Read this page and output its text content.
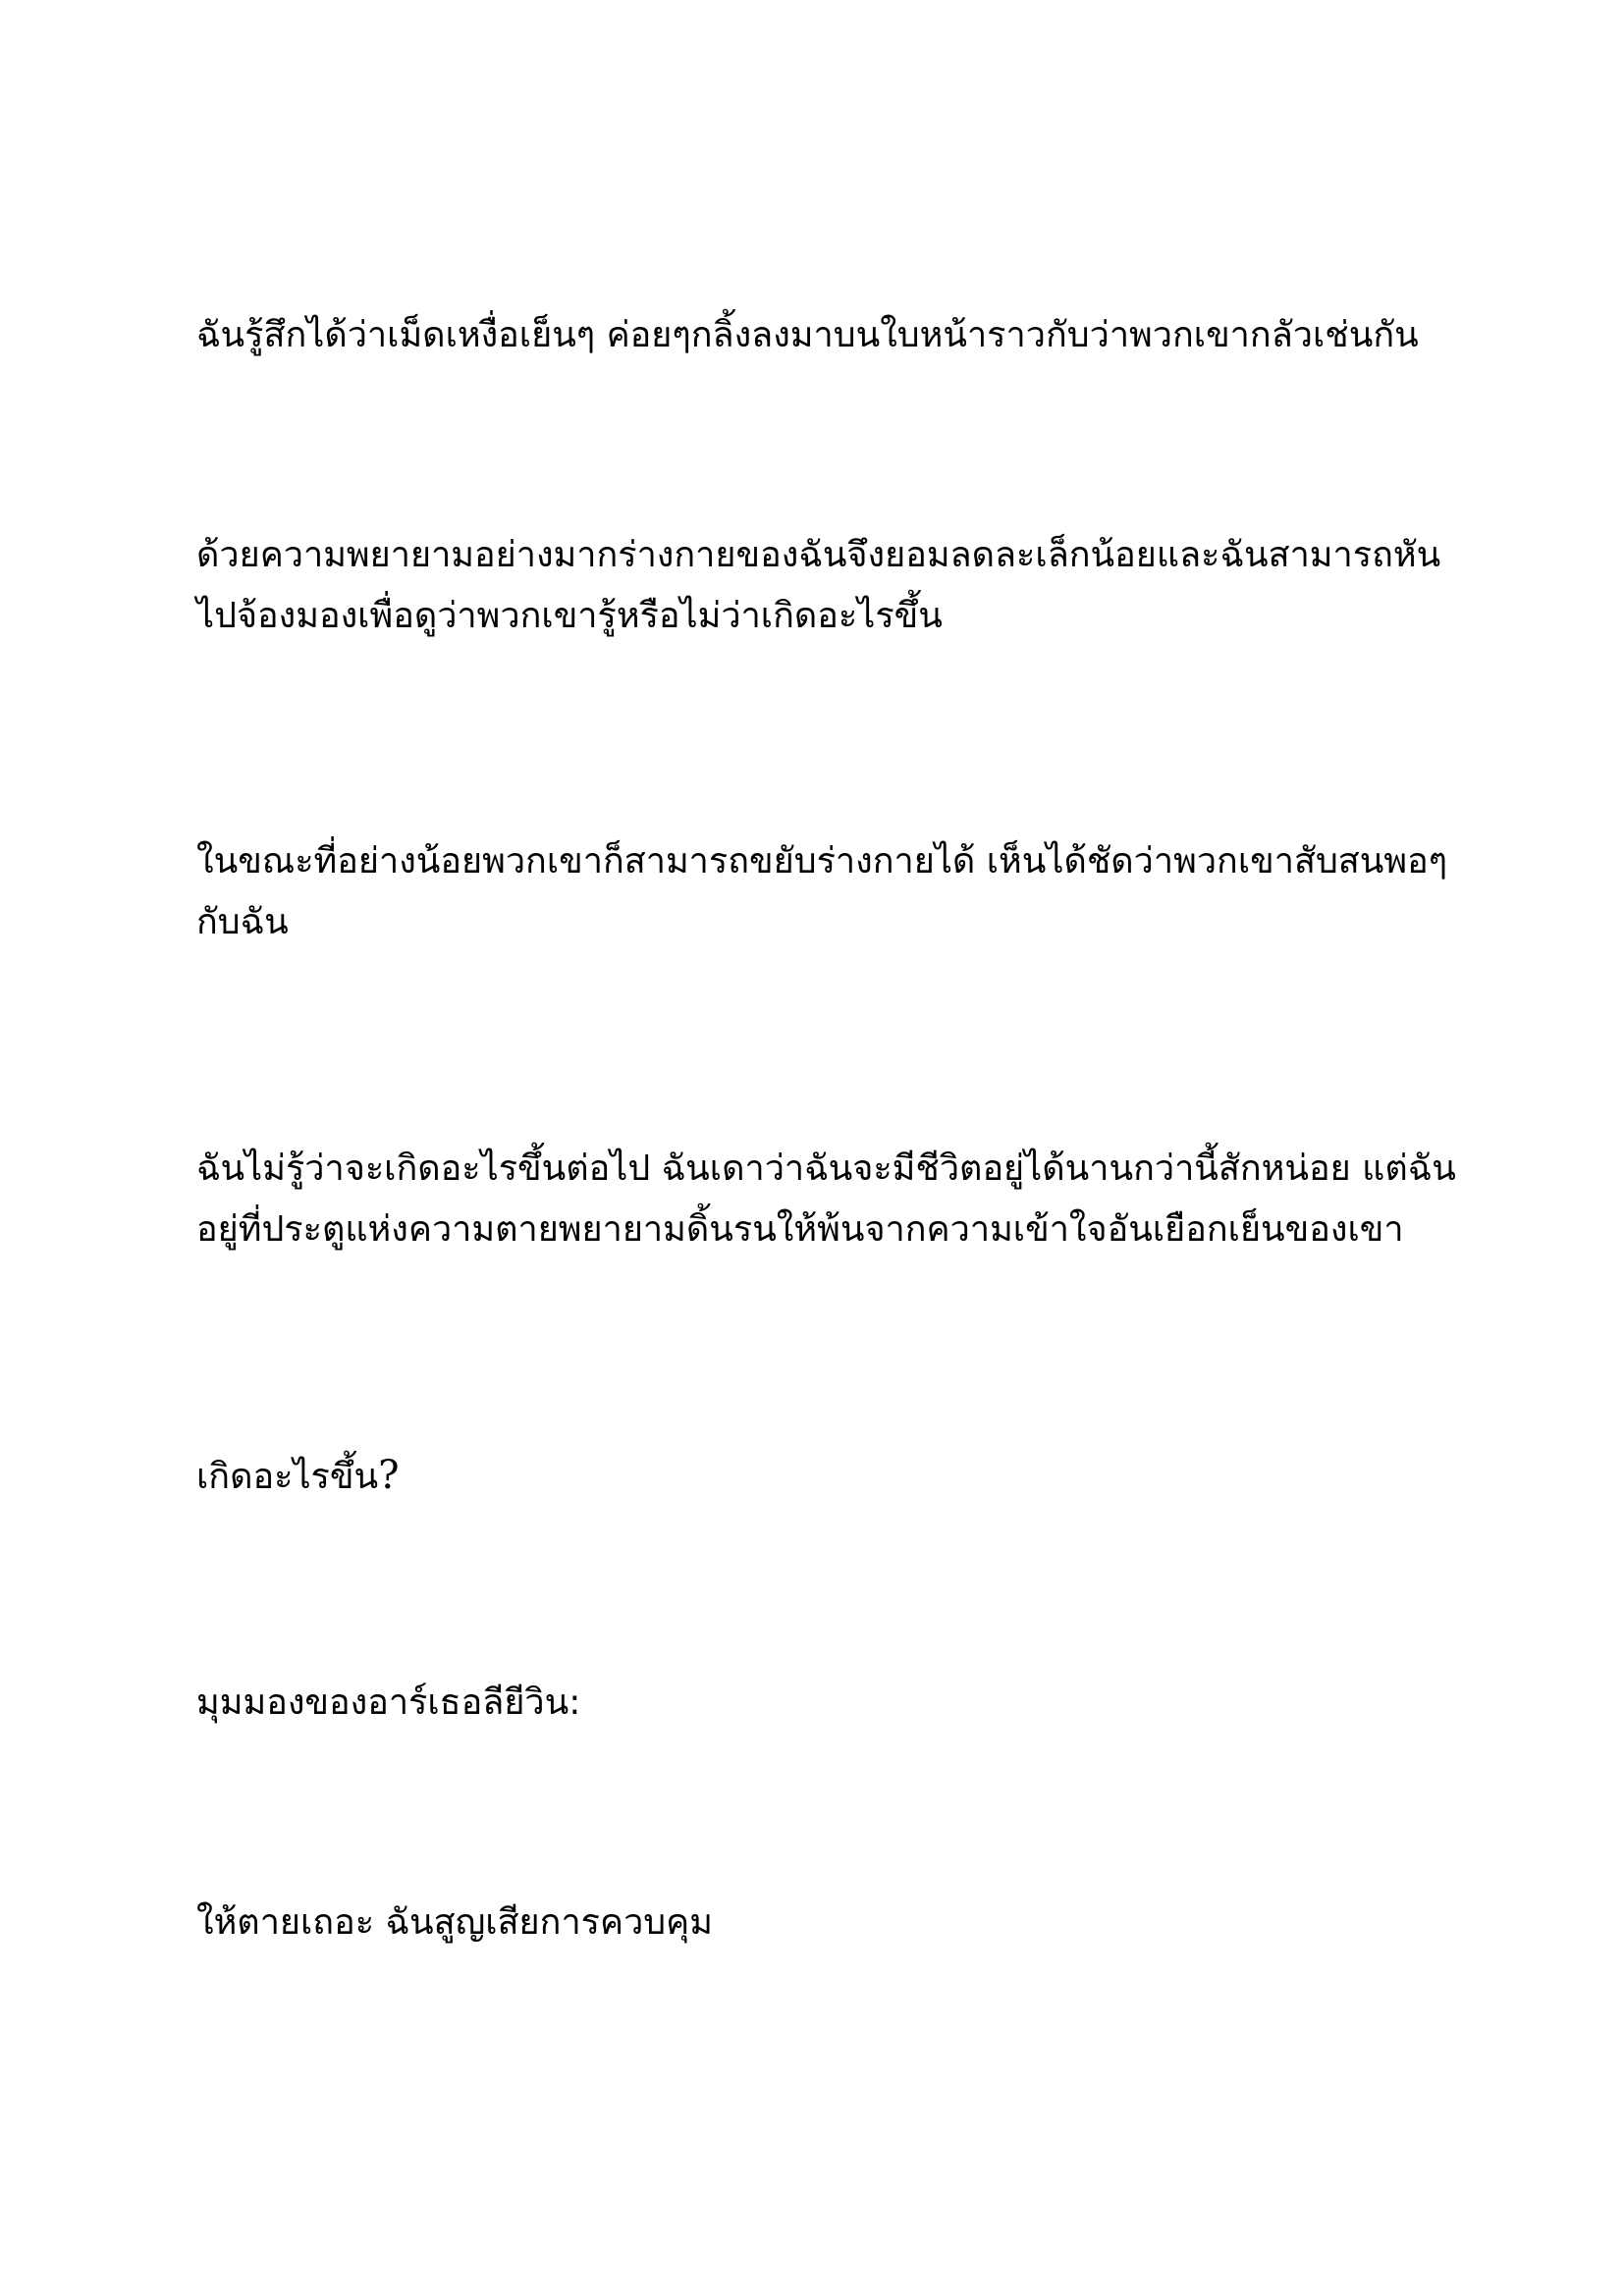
ฉันรู้สึกได้ว่าเม็ดเหงื่อเย็นๆ ค่อยๆกลิ้งลงมาบนใบหน้าราวกับว่าพวกเขากลัวเช่นกัน

ด้วยความพยายามอย่างมากร่างกายของฉันจึงยอมลดละเล็กน้อยและฉันสามารถหัน
ไปจ้องมองเพื่อดูว่าพวกเขารู้หรือไม่ว่าเกิดอะไรขึ้น

ในขณะที่อย่างน้อยพวกเขาก็สามารถขยับร่างกายได้ เห็นได้ชัดว่าพวกเขาสับสนพอๆ
กับฉัน

ฉันไม่รู้ว่าจะเกิดอะไรขึ้นต่อไป ฉันเดาว่าฉันจะมีชีวิตอยู่ได้นานกว่านี้สักหน่อย แต่ฉัน
อยู่ที่ประตูแห่งความตายพยายามดิ้นรนให้พ้นจากความเข้าใจอันเยือกเย็นของเขา

เกิดอะไรขึ้น?

มุมมองของอาร์เธอลียีวิน:

ให้ตายเถอะ ฉันสูญเสียการควบคุม
